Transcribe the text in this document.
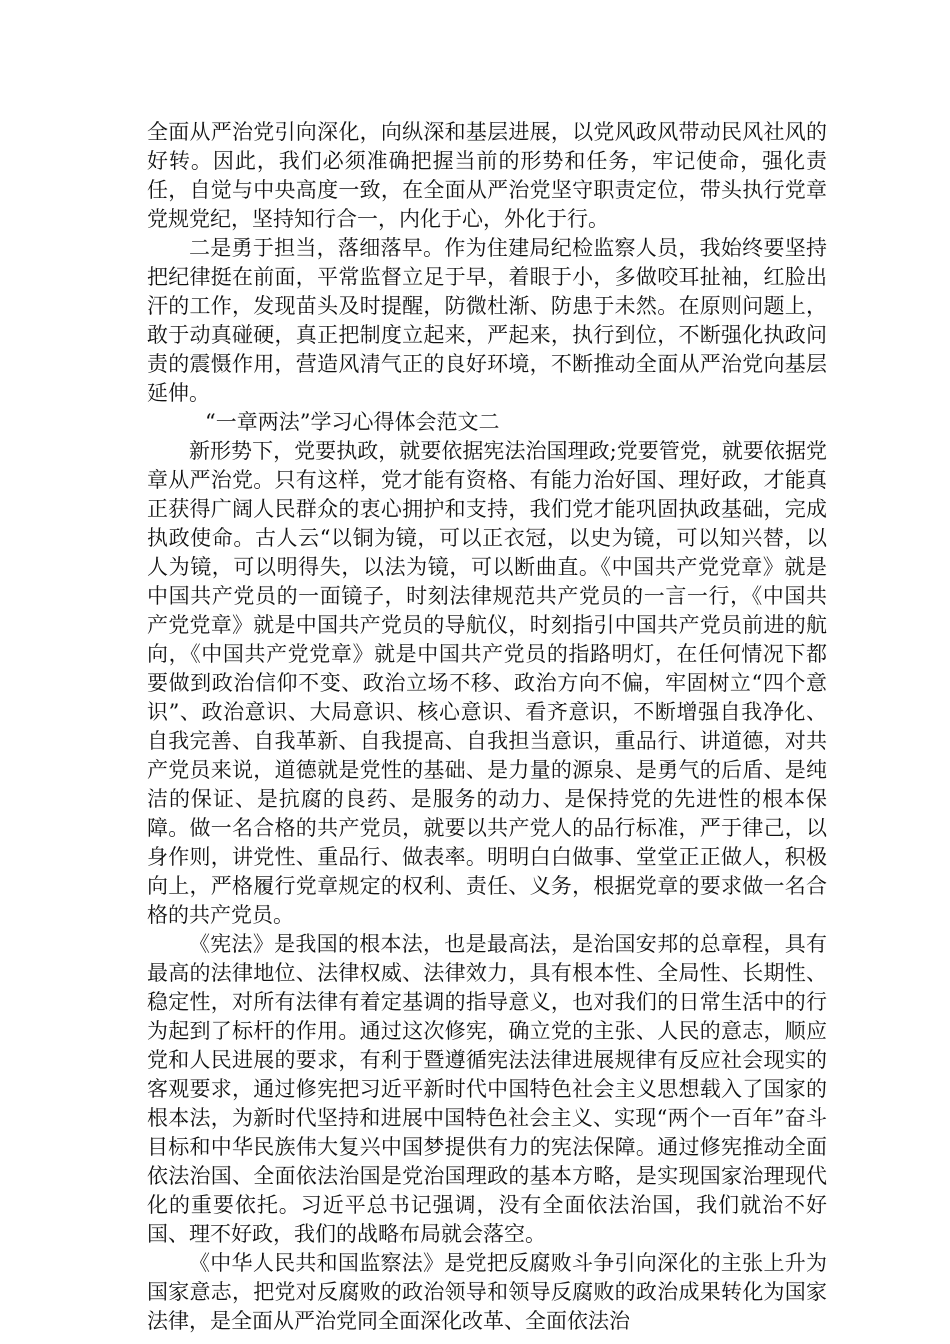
全面从严治党引向深化，向纵深和基层进展，以党风政风带动民风社风的好转。因此，我们必须准确把握当前的形势和任务，牢记使命，强化责任，自觉与中央高度一致，在全面从严治党坚守职责定位，带头执行党章党规党纪，坚持知行合一，内化于心，外化于行。

二是勇于担当，落细落早。作为住建局纪检监察人员，我始终要坚持把纪律挺在前面，平常监督立足于早，着眼于小，多做咬耳扯袖，红脸出汗的工作，发现苗头及时提醒，防微杜渐、防患于未然。在原则问题上，敢于动真碰硬，真正把制度立起来，严起来，执行到位，不断强化执政问责的震慑作用，营造风清气正的良好环境，不断推动全面从严治党向基层延伸。

“一章两法”学习心得体会范文二

新形势下，党要执政，就要依据宪法治国理政;党要管党，就要依据党章从严治党。只有这样，党才能有资格、有能力治好国、理好政，才能真正获得广阔人民群众的衷心拥护和支持，我们党才能巩固执政基础，完成执政使命。古人云“以铜为镜，可以正衣冠，以史为镜，可以知兴替，以人为镜，可以明得失，以法为镜，可以断曲直。《中国共产党党章》就是中国共产党员的一面镜子，时刻法律规范共产党员的一言一行，《中国共产党党章》就是中国共产党员的导航仪，时刻指引中国共产党员前进的航向，《中国共产党党章》就是中国共产党员的指路明灯，在任何情况下都要做到政治信仰不变、政治立场不移、政治方向不偏，牢固树立“四个意识”、政治意识、大局意识、核心意识、看齐意识，不断增强自我净化、自我完善、自我革新、自我提高、自我担当意识，重品行、讲道德，对共产党员来说，道德就是党性的基础、是力量的源泉、是勇气的后盾、是纯洁的保证、是抗腐的良药、是服务的动力、是保持党的先进性的根本保障。做一名合格的共产党员，就要以共产党人的品行标准，严于律己，以身作则，讲党性、重品行、做表率。明明白白做事、堂堂正正做人，积极向上，严格履行党章规定的权利、责任、义务，根据党章的要求做一名合格的共产党员。

《宪法》是我国的根本法，也是最高法，是治国安邦的总章程，具有最高的法律地位、法律权威、法律效力，具有根本性、全局性、长期性、稳定性，对所有法律有着定基调的指导意义，也对我们的日常生活中的行为起到了标杆的作用。通过这次修宪，确立党的主张、人民的意志，顺应党和人民进展的要求，有利于暨遵循宪法法律进展规律有反应社会现实的客观要求，通过修宪把习近平新时代中国特色社会主义思想载入了国家的根本法，为新时代坚持和进展中国特色社会主义、实现“两个一百年”奋斗目标和中华民族伟大复兴中国梦提供有力的宪法保障。通过修宪推动全面依法治国、全面依法治国是党治国理政的基本方略，是实现国家治理现代化的重要依托。习近平总书记强调，没有全面依法治国，我们就治不好国、理不好政，我们的战略布局就会落空。

《中华人民共和国监察法》是党把反腐败斗争引向深化的主张上升为国家意志，把党对反腐败的政治领导和领导反腐败的政治成果转化为国家法律，是全面从严治党同全面深化改革、全面依法治
